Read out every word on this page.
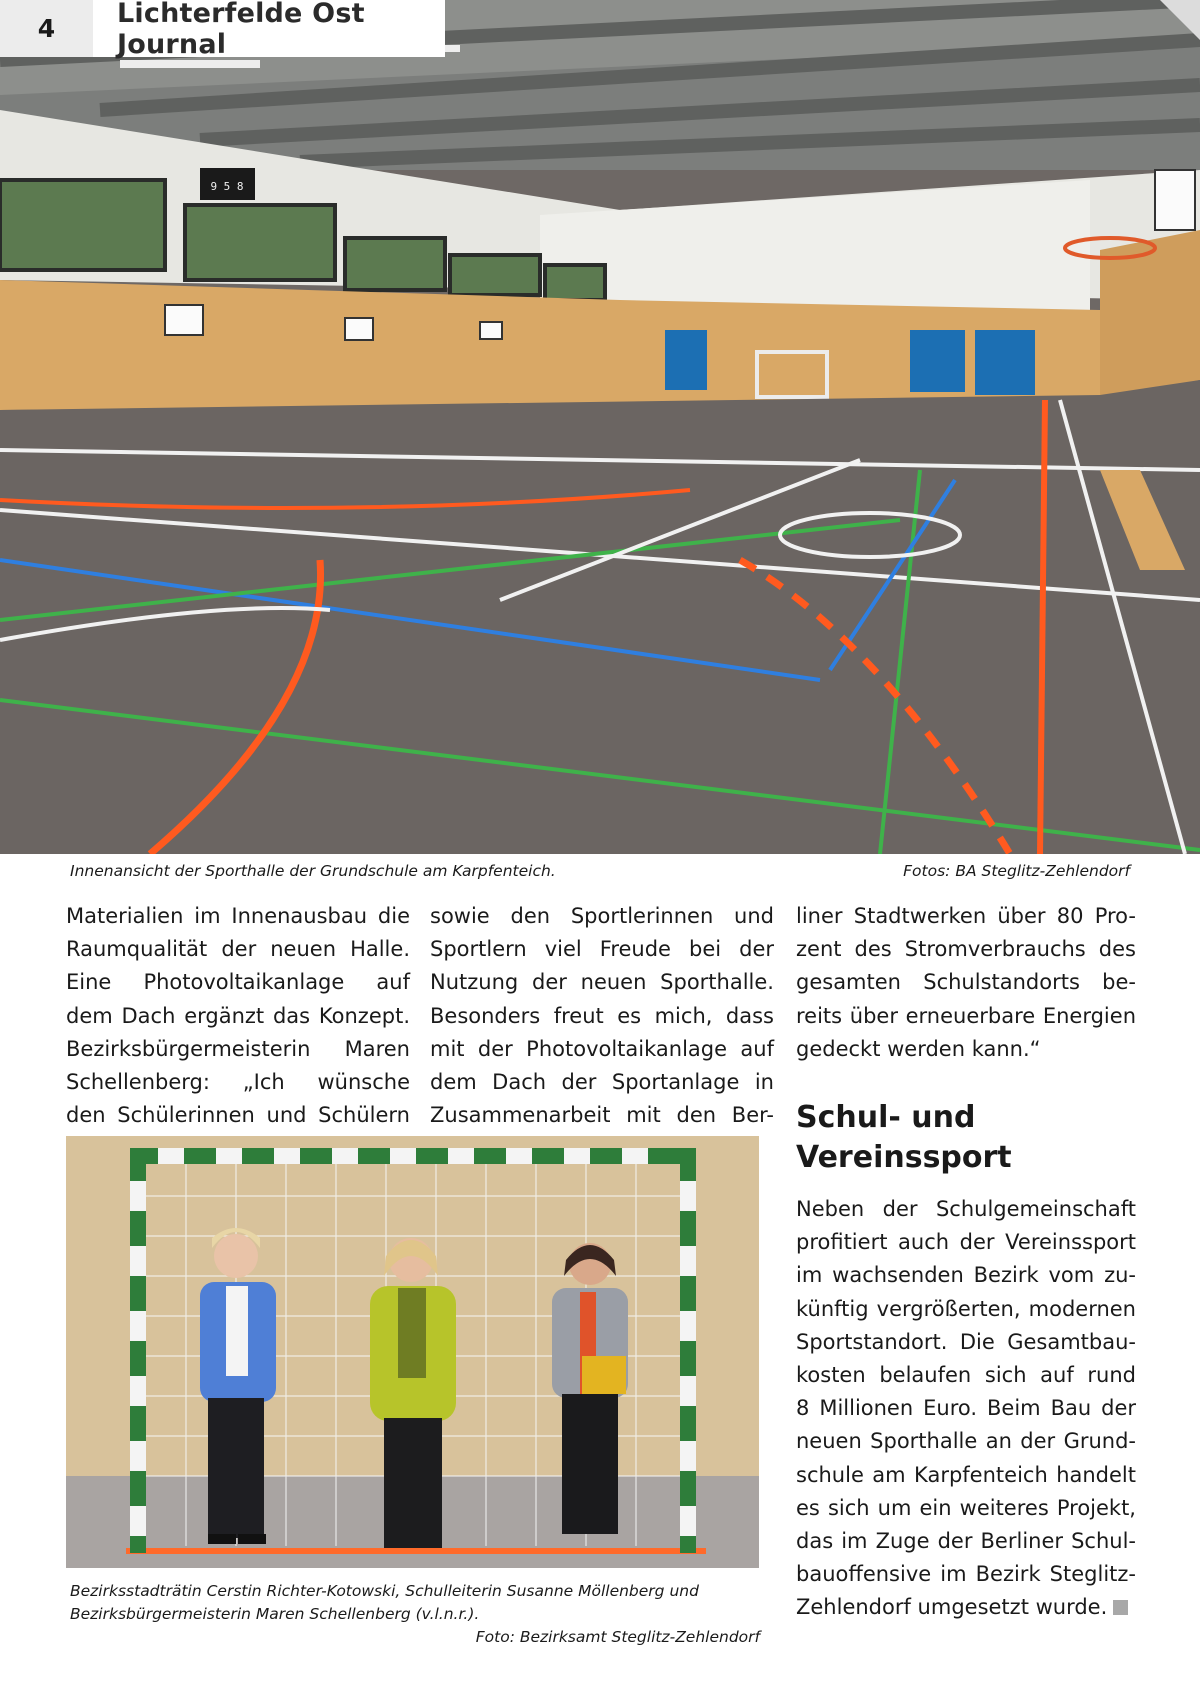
9 5 8
4	Lichterfelde Ost Journal
Innenansicht der Sporthalle der Grundschule am Karpfenteich.	Fotos: BA Steglitz-Zehlendorf
Materialien im Innenausbau die
Raumqualität der neuen Halle.
Eine Photovoltaikanlage auf
dem Dach ergänzt das Konzept.
Bezirksbürgermeisterin Maren
Schellenberg: „Ich wünsche
den Schülerinnen und Schülern
sowie den Sportlerinnen und
Sportlern viel Freude bei der
Nutzung der neuen Sporthalle.
Besonders freut es mich, dass
mit der Photovoltaikanlage auf
dem Dach der Sportanlage in
Zusammenarbeit mit den Ber-
liner Stadtwerken über 80 Pro-
zent des Stromverbrauchs des
gesamten Schulstandorts be-
reits über erneuerbare Energien
gedeckt werden kann.“
Schul- und
Vereinssport
Neben der Schulgemeinschaft
profitiert auch der Vereinssport
im wachsenden Bezirk vom zu-
künftig vergrößerten, modernen
Sportstandort. Die Gesamtbau-
kosten belaufen sich auf rund
8 Millionen Euro. Beim Bau der
neuen Sporthalle an der Grund-
schule am Karpfenteich handelt
es sich um ein weiteres Projekt,
das im Zuge der Berliner Schul-
bauoffensive im Bezirk Steglitz-
Zehlendorf umgesetzt wurde.
Bezirksstadträtin Cerstin Richter-Kotowski, Schulleiterin Susanne Möllenberg und
Bezirksbürgermeisterin Maren Schellenberg (v.l.n.r.).
Foto: Bezirksamt Steglitz-Zehlendorf
